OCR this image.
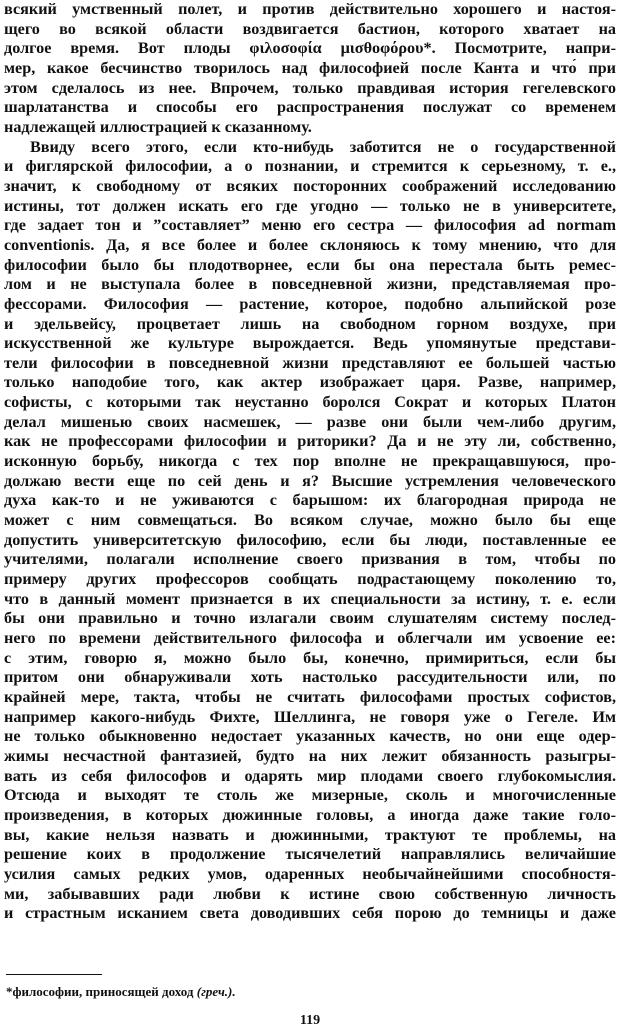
всякий умственный полет, и против действительно хорошего и настоя-
щего во всякой области воздвигается бастион, которого хватает на
долгое время. Вот плоды φιλοσοφία μισθοφόρου*. Посмотрите, напри-
мер, какое бесчинство творилось над философией после Канта и что́ при
этом сделалось из нее. Впрочем, только правдивая история гегелевского
шарлатанства и способы его распространения послужат со временем
надлежащей иллюстрацией к сказанному.
Ввиду всего этого, если кто-нибудь заботится не о государственной
и фиглярской философии, а о познании, и стремится к серьезному, т. е.,
значит, к свободному от всяких посторонних соображений исследованию
истины, тот должен искать его где угодно — только не в университете,
где задает тон и ”составляет” меню его сестра — философия ad normam
conventionis. Да, я все более и более склоняюсь к тому мнению, что для
философии было бы плодотворнее, если бы она перестала быть ремес-
лом и не выступала более в повседневной жизни, представляемая про-
фессорами. Философия — растение, которое, подобно альпийской розе
и эдельвейсу, процветает лишь на свободном горном воздухе, при
искусственной же культуре вырождается. Ведь упомянутые представи-
тели философии в повседневной жизни представляют ее большей частью
только наподобие того, как актер изображает царя. Разве, например,
софисты, с которыми так неустанно боролся Сократ и которых Платон
делал мишенью своих насмешек, — разве они были чем-либо другим,
как не профессорами философии и риторики? Да и не эту ли, собственно,
исконную борьбу, никогда с тех пор вполне не прекращавшуюся, про-
должаю вести еще по сей день и я? Высшие устремления человеческого
духа как-то и не уживаются с барышом: их благородная природа не
может с ним совмещаться. Во всяком случае, можно было бы еще
допустить университетскую философию, если бы люди, поставленные ее
учителями, полагали исполнение своего призвания в том, чтобы по
примеру других профессоров сообщать подрастающему поколению то,
что в данный момент признается в их специальности за истину, т. е. если
бы они правильно и точно излагали своим слушателям систему послед-
него по времени действительного философа и облегчали им усвоение ее:
с этим, говорю я, можно было бы, конечно, примириться, если бы
притом они обнаруживали хоть настолько рассудительности или, по
крайней мере, такта, чтобы не считать философами простых софистов,
например какого-нибудь Фихте, Шеллинга, не говоря уже о Гегеле. Им
не только обыкновенно недостает указанных качеств, но они еще одер-
жимы несчастной фантазией, будто на них лежит обязанность разыгры-
вать из себя философов и одарять мир плодами своего глубокомыслия.
Отсюда и выходят те столь же мизерные, сколь и многочисленные
произведения, в которых дюжинные головы, а иногда даже такие голо-
вы, какие нельзя назвать и дюжинными, трактуют те проблемы, на
решение коих в продолжение тысячелетий направлялись величайшие
усилия самых редких умов, одаренных необычайнейшими способностя-
ми, забывавших ради любви к истине свою собственную личность
и страстным исканием света доводивших себя порою до темницы и даже
*философии, приносящей доход (греч.).
119
